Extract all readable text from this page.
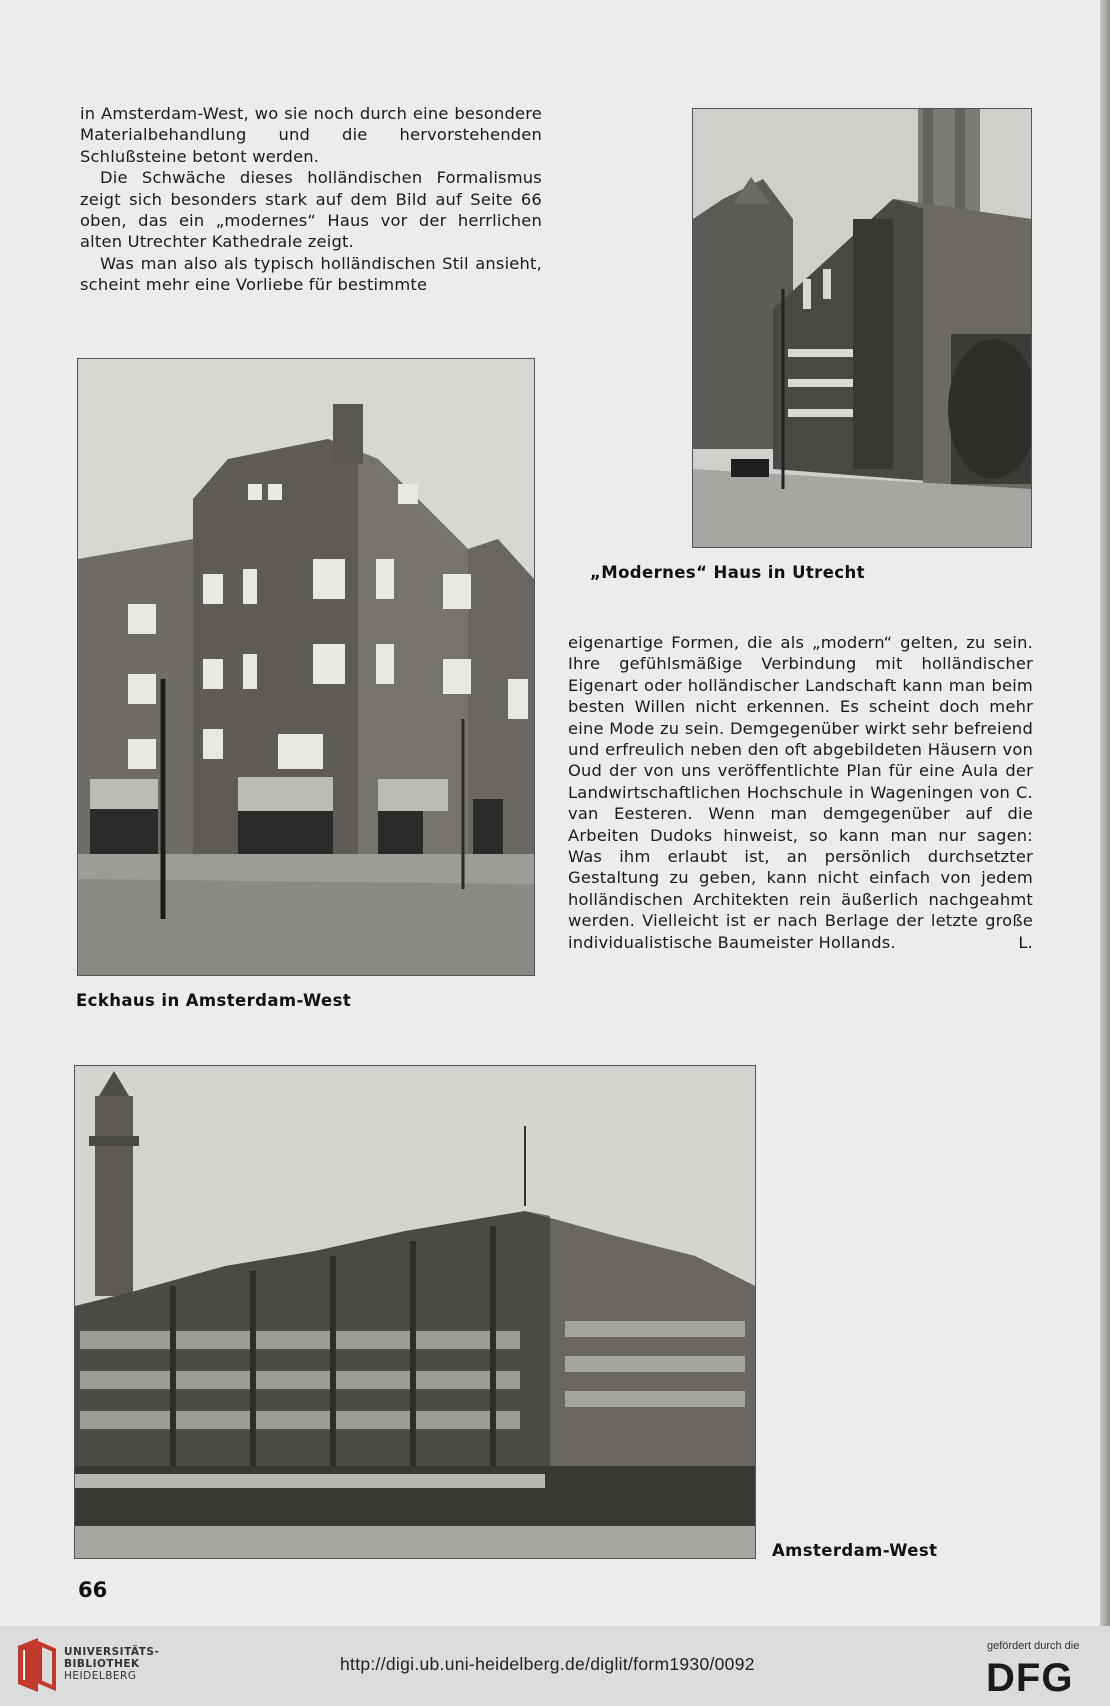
in Amsterdam-West, wo sie noch durch eine besondere Materialbehandlung und die hervorstehenden Schlußsteine betont werden.

Die Schwäche dieses holländischen Formalismus zeigt sich besonders stark auf dem Bild auf Seite 66 oben, das ein „modernes“ Haus vor der herrlichen alten Utrechter Kathedrale zeigt.

Was man also als typisch holländischen Stil ansieht, scheint mehr eine Vorliebe für bestimmte

„Modernes“ Haus in Utrecht
Eckhaus in Amsterdam-West

eigenartige Formen, die als „modern“ gelten, zu sein. Ihre gefühlsmäßige Verbindung mit holländischer Eigenart oder holländischer Landschaft kann man beim besten Willen nicht erkennen. Es scheint doch mehr eine Mode zu sein. Demgegenüber wirkt sehr befreiend und erfreulich neben den oft abgebildeten Häusern von Oud der von uns veröffentlichte Plan für eine Aula der Landwirtschaftlichen Hochschule in Wageningen von C. van Eesteren. Wenn man demgegenüber auf die Arbeiten Dudoks hinweist, so kann man nur sagen: Was ihm erlaubt ist, an persönlich durchsetzter Gestaltung zu geben, kann nicht einfach von jedem holländischen Architekten rein äußerlich nachgeahmt werden. Vielleicht ist er nach Berlage der letzte große individualistische Baumeister Hollands.	L.
Amsterdam-West
66
UNIVERSITÄTS-
BIBLIOTHEK
HEIDELBERG
http://digi.ub.uni-heidelberg.de/diglit/form1930/0092
gefördert durch die
DFG
